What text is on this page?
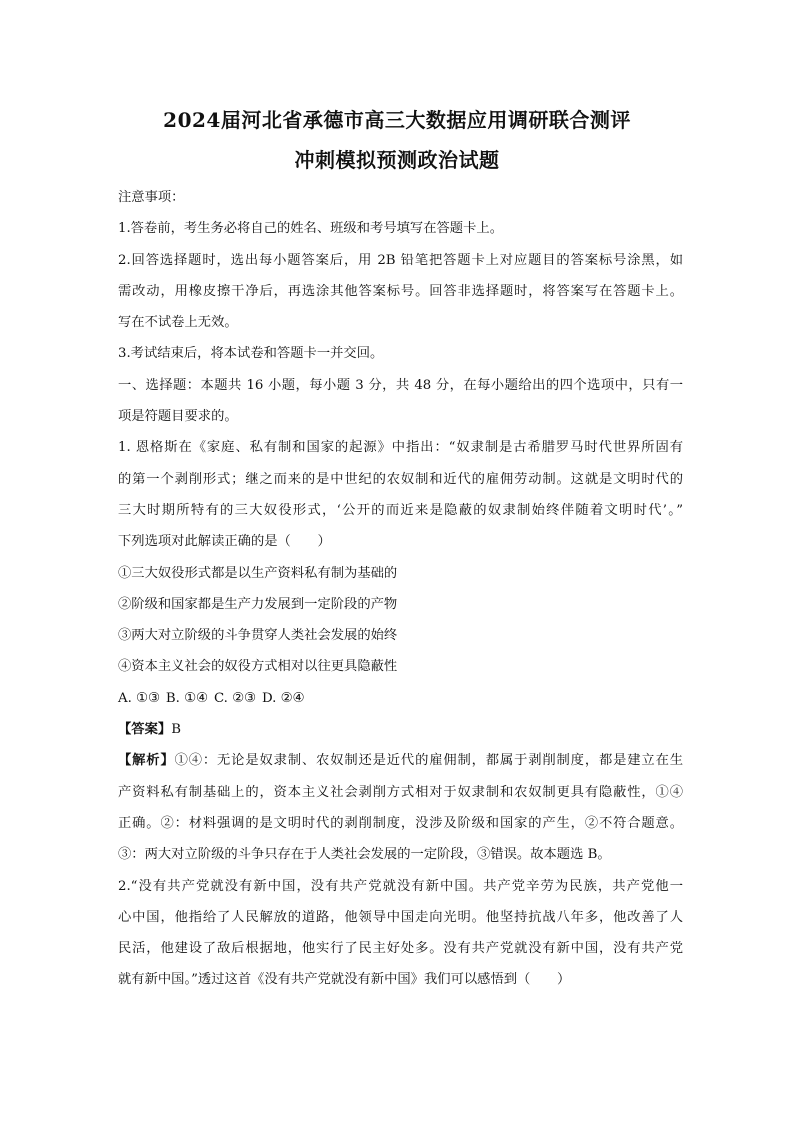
2024届河北省承德市高三大数据应用调研联合测评
冲刺模拟预测政治试题
注意事项：
1.答卷前，考生务必将自己的姓名、班级和考号填写在答题卡上。
2.回答选择题时，选出每小题答案后，用 2B 铅笔把答题卡上对应题目的答案标号涂黑，如
需改动，用橡皮擦干净后，再选涂其他答案标号。回答非选择题时，将答案写在答题卡上。
写在不试卷上无效。
3.考试结束后，将本试卷和答题卡一并交回。
一、选择题：本题共 16 小题，每小题 3 分，共 48 分，在每小题给出的四个选项中，只有一
项是符题目要求的。
1. 恩格斯在《家庭、私有制和国家的起源》中指出：“奴隶制是古希腊罗马时代世界所固有
的第一个剥削形式；继之而来的是中世纪的农奴制和近代的雇佣劳动制。这就是文明时代的
三大时期所特有的三大奴役形式，‘公开的而近来是隐蔽的奴隶制始终伴随着文明时代’。”
下列选项对此解读正确的是（　　）
①三大奴役形式都是以生产资料私有制为基础的
②阶级和国家都是生产力发展到一定阶段的产物
③两大对立阶级的斗争贯穿人类社会发展的始终
④资本主义社会的奴役方式相对以往更具隐蔽性
A. ①③ B. ①④ C. ②③ D. ②④
【答案】B
【解析】①④：无论是奴隶制、农奴制还是近代的雇佣制，都属于剥削制度，都是建立在生
产资料私有制基础上的，资本主义社会剥削方式相对于奴隶制和农奴制更具有隐蔽性，①④
正确。②：材料强调的是文明时代的剥削制度，没涉及阶级和国家的产生，②不符合题意。
③：两大对立阶级的斗争只存在于人类社会发展的一定阶段，③错误。故本题选 B。
2.“没有共产党就没有新中国，没有共产党就没有新中国。共产党辛劳为民族，共产党他一
心中国，他指给了人民解放的道路，他领导中国走向光明。他坚持抗战八年多，他改善了人
民活，他建设了敌后根据地，他实行了民主好处多。没有共产党就没有新中国，没有共产党
就有新中国。”透过这首《没有共产党就没有新中国》我们可以感悟到（　　）
